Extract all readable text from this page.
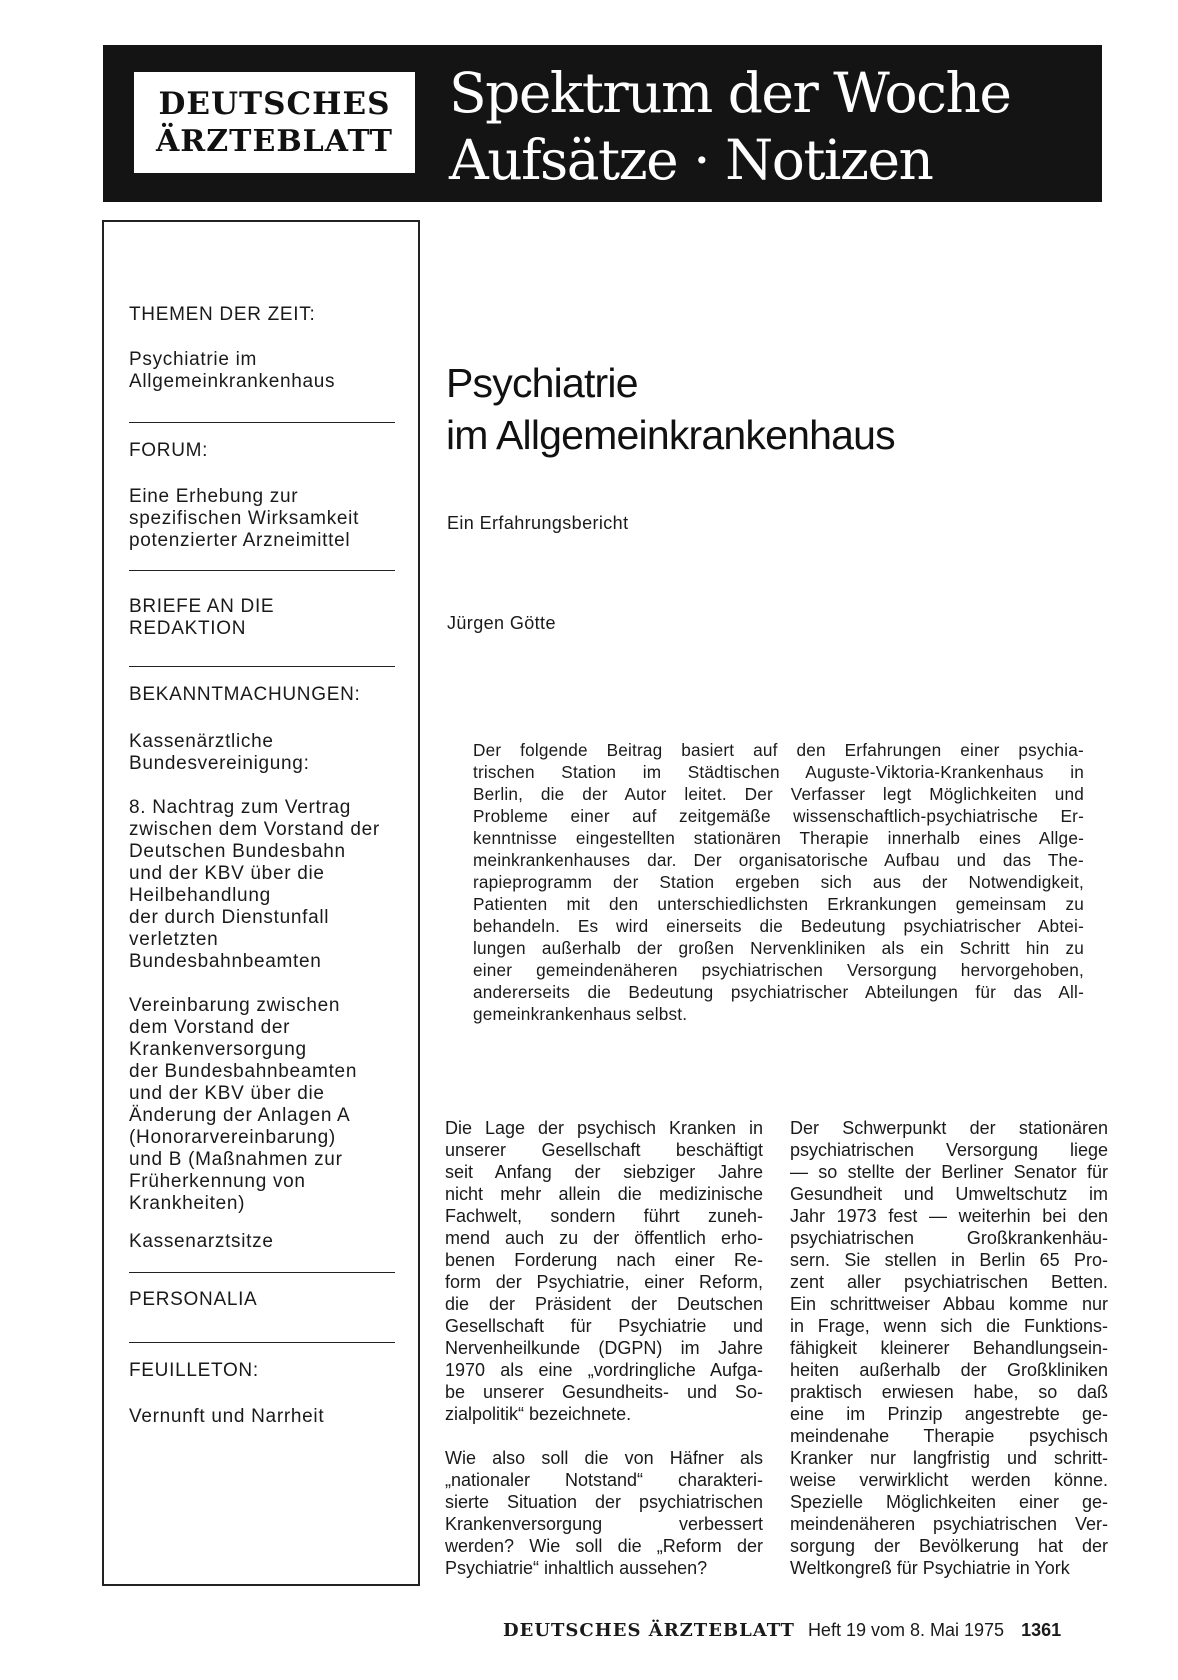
DEUTSCHES
ÄRZTEBLATT
Spektrum der Woche
Aufsätze · Notizen
THEMEN DER ZEIT:
Psychiatrie im
Allgemeinkrankenhaus
FORUM:
Eine Erhebung zur
spezifischen Wirksamkeit
potenzierter Arzneimittel
BRIEFE AN DIE
REDAKTION
BEKANNTMACHUNGEN:
Kassenärztliche
Bundesvereinigung:
8. Nachtrag zum Vertrag
zwischen dem Vorstand der
Deutschen Bundesbahn
und der KBV über die
Heilbehandlung
der durch Dienstunfall
verletzten
Bundesbahnbeamten
Vereinbarung zwischen
dem Vorstand der
Krankenversorgung
der Bundesbahnbeamten
und der KBV über die
Änderung der Anlagen A
(Honorarvereinbarung)
und B (Maßnahmen zur
Früherkennung von
Krankheiten)
Kassenarztsitze
PERSONALIA
FEUILLETON:
Vernunft und Narrheit
Psychiatrie
im Allgemeinkrankenhaus
Ein Erfahrungsbericht
Jürgen Götte
Der folgende Beitrag basiert auf den Erfahrungen einer psychia-
trischen Station im Städtischen Auguste-Viktoria-Krankenhaus in
Berlin, die der Autor leitet. Der Verfasser legt Möglichkeiten und
Probleme einer auf zeitgemäße wissenschaftlich-psychiatrische Er-
kenntnisse eingestellten stationären Therapie innerhalb eines Allge-
meinkrankenhauses dar. Der organisatorische Aufbau und das The-
rapieprogramm der Station ergeben sich aus der Notwendigkeit,
Patienten mit den unterschiedlichsten Erkrankungen gemeinsam zu
behandeln. Es wird einerseits die Bedeutung psychiatrischer Abtei-
lungen außerhalb der großen Nervenkliniken als ein Schritt hin zu
einer gemeindenäheren psychiatrischen Versorgung hervorgehoben,
andererseits die Bedeutung psychiatrischer Abteilungen für das All-
gemeinkrankenhaus selbst.
Die Lage der psychisch Kranken in
unserer Gesellschaft beschäftigt
seit Anfang der siebziger Jahre
nicht mehr allein die medizinische
Fachwelt, sondern führt zuneh-
mend auch zu der öffentlich erho-
benen Forderung nach einer Re-
form der Psychiatrie, einer Reform,
die der Präsident der Deutschen
Gesellschaft für Psychiatrie und
Nervenheilkunde (DGPN) im Jahre
1970 als eine „vordringliche Aufga-
be unserer Gesundheits- und So-
zialpolitik“ bezeichnete.
Wie also soll die von Häfner als
„nationaler Notstand“ charakteri-
sierte Situation der psychiatrischen
Krankenversorgung verbessert
werden? Wie soll die „Reform der
Psychiatrie“ inhaltlich aussehen?
Der Schwerpunkt der stationären
psychiatrischen Versorgung liege
— so stellte der Berliner Senator für
Gesundheit und Umweltschutz im
Jahr 1973 fest — weiterhin bei den
psychiatrischen Großkrankenhäu-
sern. Sie stellen in Berlin 65 Pro-
zent aller psychiatrischen Betten.
Ein schrittweiser Abbau komme nur
in Frage, wenn sich die Funktions-
fähigkeit kleinerer Behandlungsein-
heiten außerhalb der Großkliniken
praktisch erwiesen habe, so daß
eine im Prinzip angestrebte ge-
meindenahe Therapie psychisch
Kranker nur langfristig und schritt-
weise verwirklicht werden könne.
Spezielle Möglichkeiten einer ge-
meindenäheren psychiatrischen Ver-
sorgung der Bevölkerung hat der
Weltkongreß für Psychiatrie in York
DEUTSCHES ÄRZTEBLATT Heft 19 vom 8. Mai 1975 1361
